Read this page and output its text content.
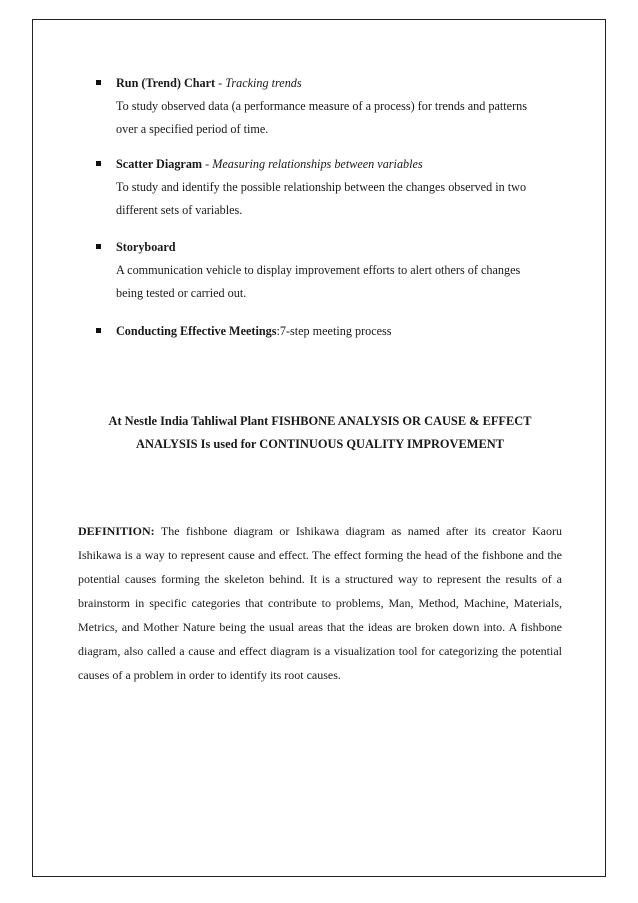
Run (Trend) Chart - Tracking trends
To study observed data (a performance measure of a process) for trends and patterns
over a specified period of time.
Scatter Diagram - Measuring relationships between variables
To study and identify the possible relationship between the changes observed in two
different sets of variables.
Storyboard
A communication vehicle to display improvement efforts to alert others of changes
being tested or carried out.
Conducting Effective Meetings:7-step meeting process
At Nestle India Tahliwal Plant FISHBONE ANALYSIS OR CAUSE & EFFECT
ANALYSIS Is used for CONTINUOUS QUALITY IMPROVEMENT
DEFINITION: The fishbone diagram or Ishikawa diagram as named after its creator Kaoru Ishikawa is a way to represent cause and effect. The effect forming the head of the fishbone and the potential causes forming the skeleton behind. It is a structured way to represent the results of a brainstorm in specific categories that contribute to problems, Man, Method, Machine, Materials, Metrics, and Mother Nature being the usual areas that the ideas are broken down into. A fishbone diagram, also called a cause and effect diagram is a visualization tool for categorizing the potential causes of a problem in order to identify its root causes.
